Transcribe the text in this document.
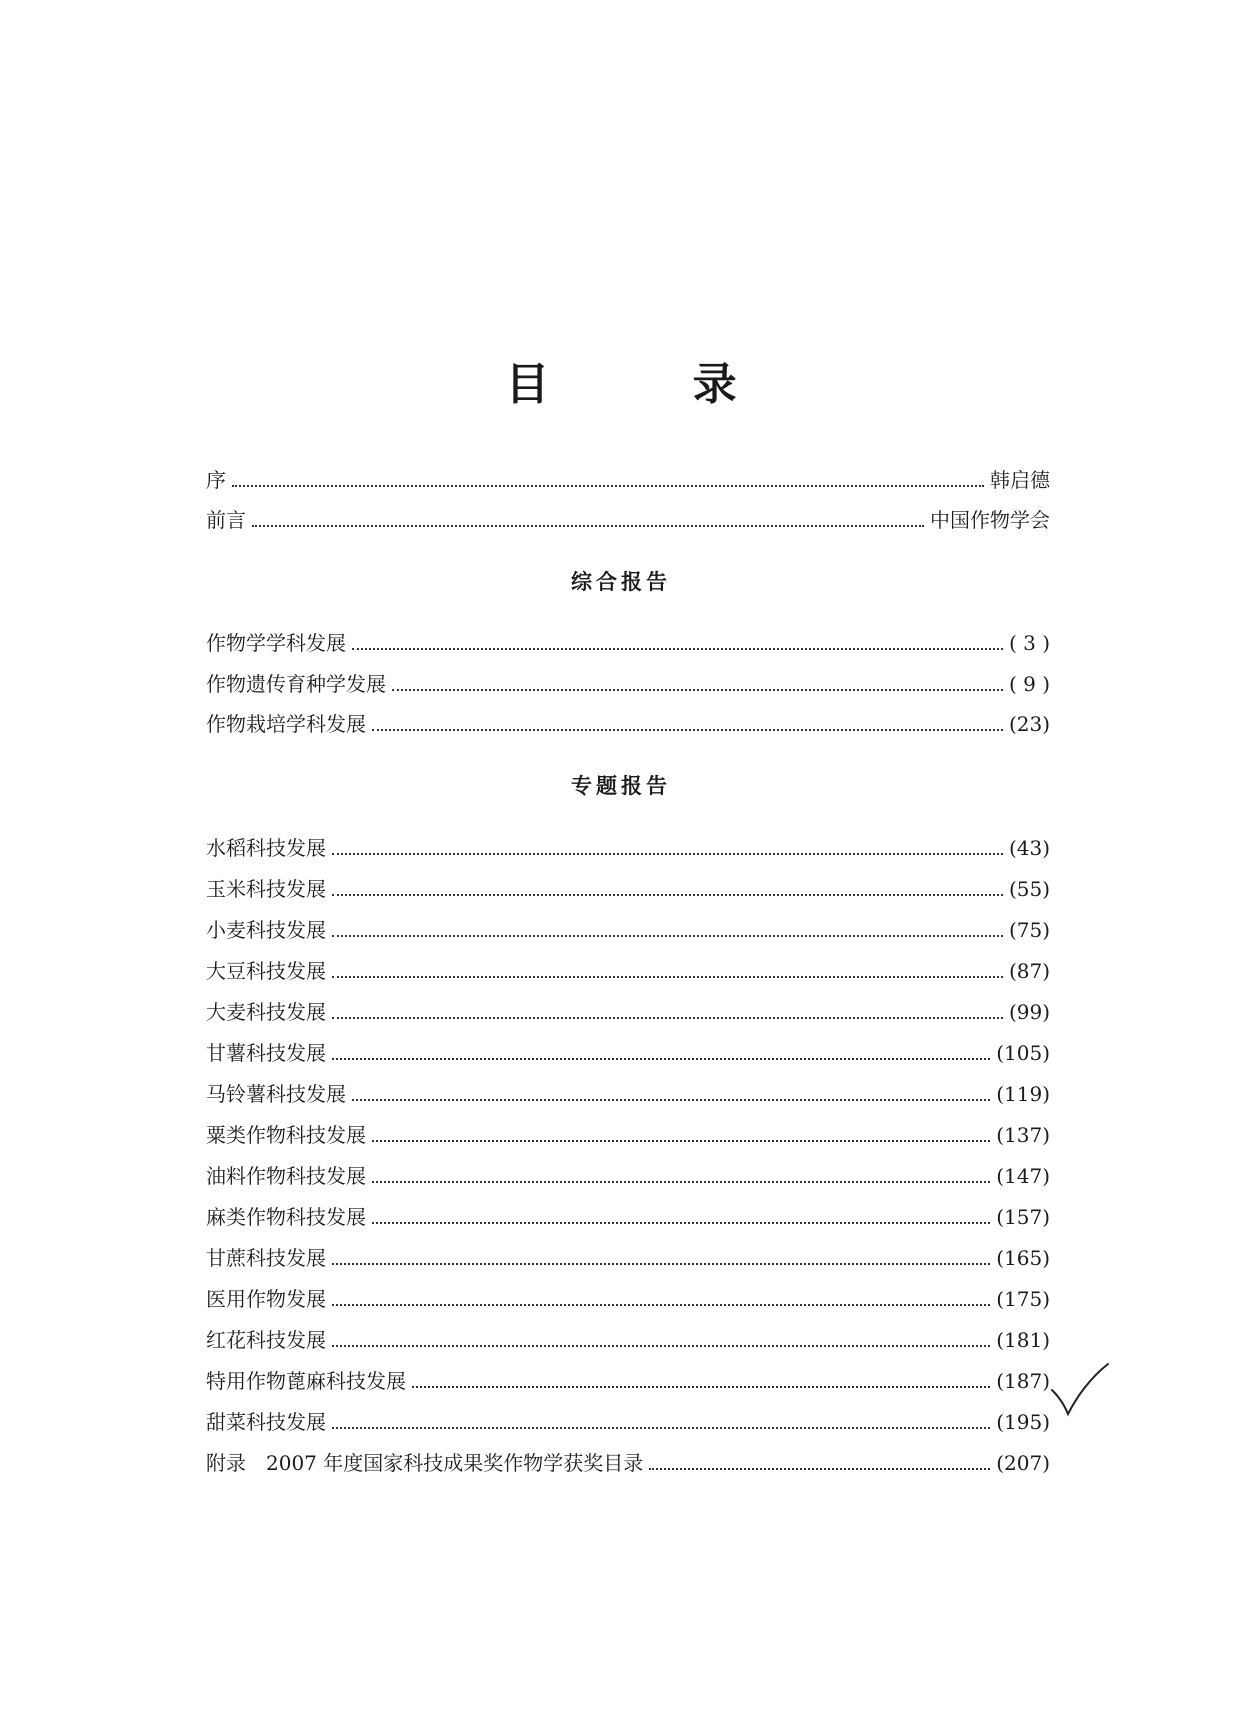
目 录
序	韩启德
前言	中国作物学会
综合报告
作物学学科发展	( 3 )
作物遗传育种学发展	( 9 )
作物栽培学科发展	(23)
专题报告
水稻科技发展	(43)
玉米科技发展	(55)
小麦科技发展	(75)
大豆科技发展	(87)
大麦科技发展	(99)
甘薯科技发展	(105)
马铃薯科技发展	(119)
粟类作物科技发展	(137)
油料作物科技发展	(147)
麻类作物科技发展	(157)
甘蔗科技发展	(165)
医用作物发展	(175)
红花科技发展	(181)
特用作物蓖麻科技发展	(187)
甜菜科技发展	(195)
附录　2007 年度国家科技成果奖作物学获奖目录	(207)
